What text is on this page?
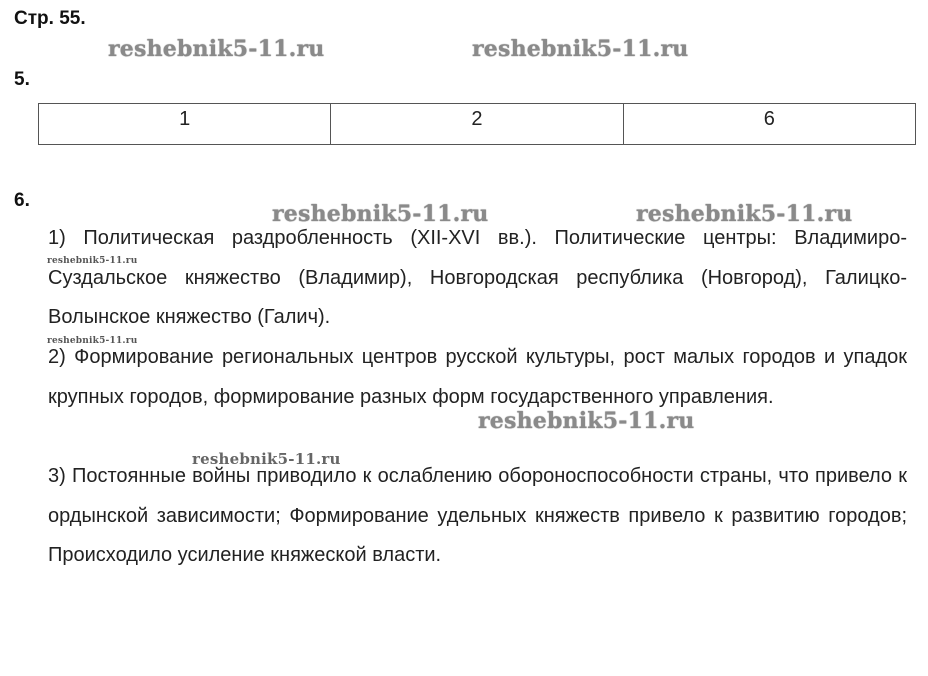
Стр. 55.
reshebnik5-11.ru	reshebnik5-11.ru
5.
1	2	6
6.
reshebnik5-11.ru	reshebnik5-11.ru
1) Политическая раздробленность (XII-XVI вв.). Политические центры: Владимиро-Суздальское княжество (Владимир), Новгородская республика (Новгород), Галицко-Волынское княжество (Галич).
reshebnik5-11.ru
reshebnik5-11.ru
2) Формирование региональных центров русской культуры, рост малых городов и упадок крупных городов, формирование разных форм государственного управления.
reshebnik5-11.ru
3) Постоянные войны приводило к ослаблению обороноспособности страны, что привело к ордынской зависимости; Формирование удельных княжеств привело к развитию городов; Происходило усиление княжеской власти.
reshebnik5-11.ru
